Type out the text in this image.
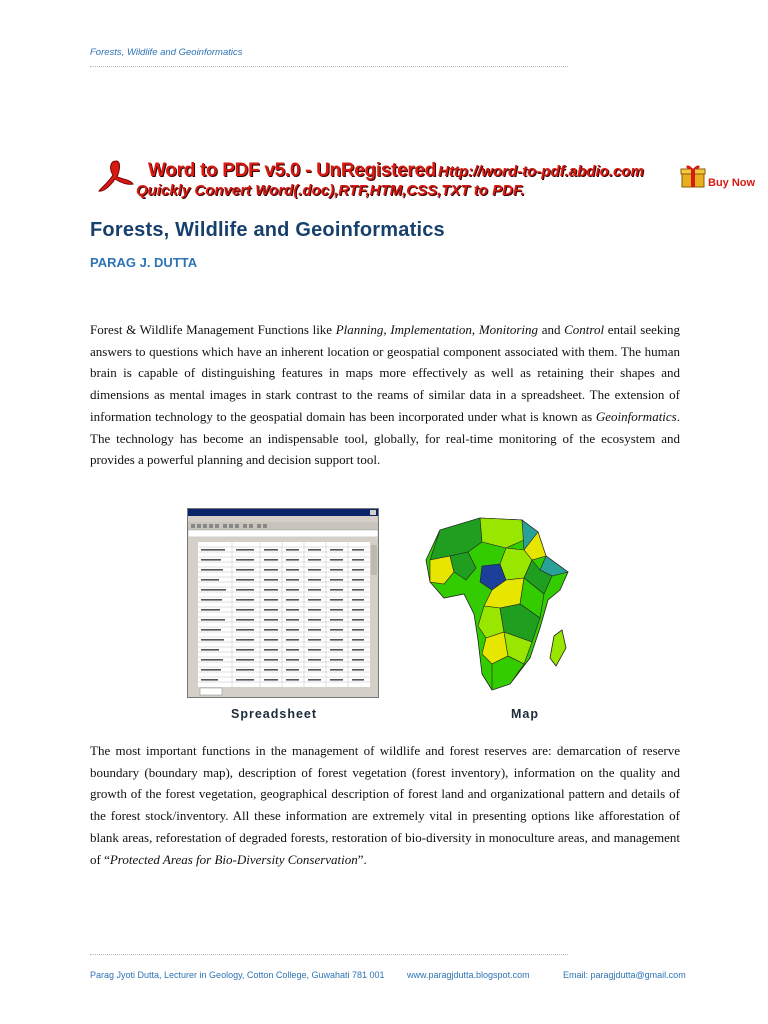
Forests, Wildlife and Geoinformatics
Word to PDF v5.0 - UnRegistered Http://word-to-pdf.abdio.com
Quickly Convert Word(.doc),RTF,HTM,CSS,TXT to PDF.	Buy Now
Forests, Wildlife and Geoinformatics
PARAG J. DUTTA

Forest & Wildlife Management Functions like Planning, Implementation, Monitoring and Control entail seeking answers to questions which have an inherent location or geospatial component associated with them. The human brain is capable of distinguishing features in maps more effectively as well as retaining their shapes and dimensions as mental images in stark contrast to the reams of similar data in a spreadsheet. The extension of information technology to the geospatial domain has been incorporated under what is known as Geoinformatics. The technology has become an indispensable tool, globally, for real-time monitoring of the ecosystem and provides a powerful planning and decision support tool.

Spreadsheet	Map

The most important functions in the management of wildlife and forest reserves are: demarcation of reserve boundary (boundary map), description of forest vegetation (forest inventory), information on the quality and growth of the forest vegetation, geographical description of forest land and organizational pattern and details of the forest stock/inventory. All these information are extremely vital in presenting options like afforestation of blank areas, reforestation of degraded forests, restoration of bio-diversity in monoculture areas, and management of “Protected Areas for Bio-Diversity Conservation”.

Parag Jyoti Dutta, Lecturer in Geology, Cotton College, Guwahati 781 001 www.paragjdutta.blogspot.com	Email: paragjdutta@gmail.com
